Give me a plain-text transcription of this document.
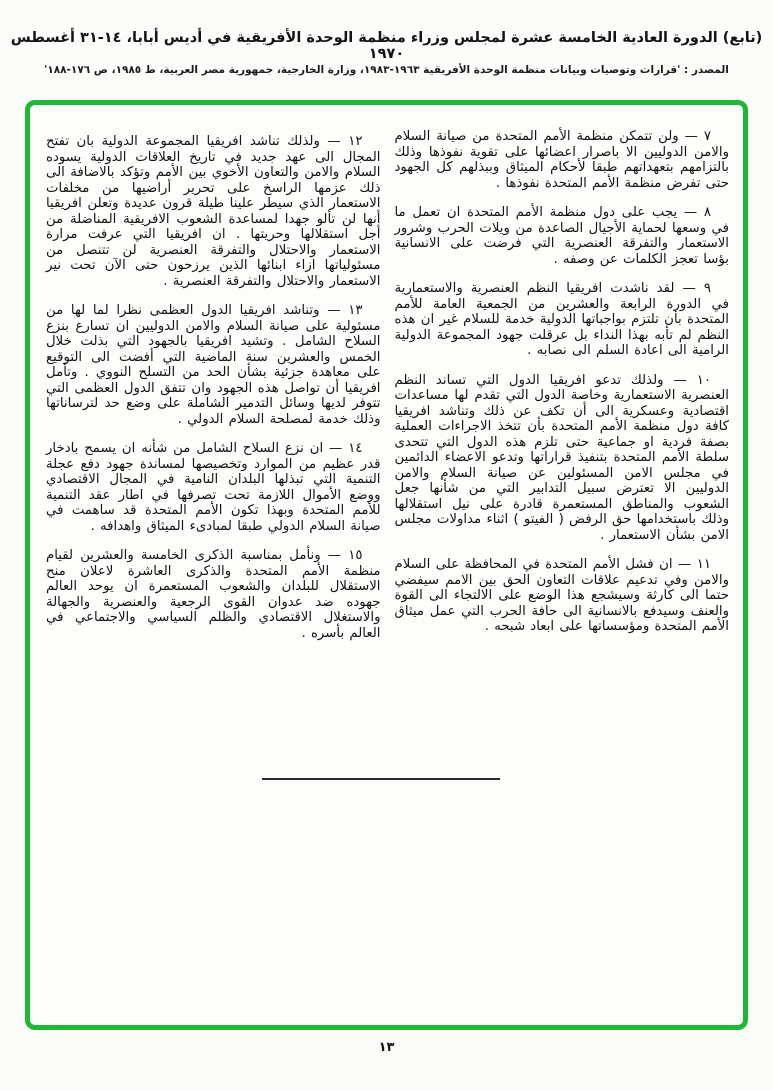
(تابع) الدورة العادية الخامسة عشرة لمجلس وزراء منظمة الوحدة الأفريقية في أديس أبابا، ١٤-٣١ أغسطس ١٩٧٠
المصدر : 'قرارات وتوصيات وبيانات منظمة الوحدة الأفريقية ١٩٦٣-١٩٨٣، وزارة الخارجية، جمهورية مصر العربية، ط ١٩٨٥، ص ١٧٦-١٨٨'

٧ — ولن تتمكن منظمة الأمم المتحدة من صيانة السلام والامن الدوليين الا باصرار اعضائها على تقوية نفوذها وذلك بالتزامهم بتعهداتهم طبقا لأحكام الميثاق وببذلهم كل الجهود حتى تفرض منظمة الأمم المتحدة نفوذها .

٨ — يجب على دول منظمة الأمم المتحدة ان تعمل ما في وسعها لحماية الأجيال الصاعدة من ويلات الحرب وشرور الاستعمار والتفرقة العنصرية التي فرضت على الانسانية بؤسا تعجز الكلمات عن وصفه .

٩ — لقد ناشدت افريقيا النظم العنصرية والاستعمارية في الدورة الرابعة والعشرين من الجمعية العامة للأمم المتحدة بأن تلتزم بواجباتها الدولية خدمة للسلام غير ان هذه النظم لم تأبه بهذا النداء بل عرقلت جهود المجموعة الدولية الرامية الى اعادة السلم الى نصابه .

١٠ — ولذلك تدعو افريقيا الدول التي تساند النظم العنصرية الاستعمارية وخاصة الدول التي تقدم لها مساعدات اقتصادية وعسكرية الى أن تكف عن ذلك وتناشد افريقيا كافة دول منظمة الأمم المتحدة بأن تتخذ الاجراءات العملية بصفة فردية او جماعية حتى تلزم هذه الدول التي تتحدى سلطة الأمم المتحدة بتنفيذ قراراتها وتدعو الاعضاء الدائمين في مجلس الامن المسئولين عن صيانة السلام والامن الدوليين الا تعترض سبيل التدابير التي من شأنها جعل الشعوب والمناطق المستعمرة قادرة على نيل استقلالها وذلك باستخدامها حق الرفض ( الفيتو ) اثناء مداولات مجلس الامن بشأن الاستعمار .

١١ — ان فشل الأمم المتحدة في المحافظة على السلام والامن وفي تدعيم علاقات التعاون الحق بين الامم سيفضي حتما الى كارثة وسيشجع هذا الوضع على الالتجاء الى القوة والعنف وسيدفع بالانسانية الى حافة الحرب التي عمل ميثاق الأمم المتحدة ومؤسساتها على ابعاد شبحه .

١٢ — ولذلك تناشد افريقيا المجموعة الدولية بان تفتح المجال الى عهد جديد في تاريخ العلاقات الدولية يسوده السلام والامن والتعاون الأخوي بين الأمم وتؤكد بالاضافة الى ذلك عزمها الراسخ على تحرير أراضيها من مخلفات الاستعمار الذي سيطر علينا طيلة قرون عديدة وتعلن افريقيا أنها لن تألو جهدا لمساعدة الشعوب الافريقية المناضلة من أجل استقلالها وحريتها . ان افريقيا التي عرفت مرارة الاستعمار والاحتلال والتفرقة العنصرية لن تتنصل من مسئولياتها ازاء ابنائها الذين يرزحون حتى الآن تحت نير الاستعمار والاحتلال والتفرقة العنصرية .

١٣ — وتناشد افريقيا الدول العظمى نظرا لما لها من مسئولية على صيانة السلام والامن الدوليين ان تسارع بنزع السلاح الشامل . وتشيد افريقيا بالجهود التي بذلت خلال الخمس والعشرين سنة الماضية التي أفضت الى التوقيع على معاهدة جزئية بشأن الحد من التسلح النووي . وتأمل افريقيا أن تواصل هذه الجهود وان تتفق الدول العظمى التي تتوفر لديها وسائل التدمير الشاملة على وضع حد لترساناتها وذلك خدمة لمصلحة السلام الدولي .

١٤ — ان نزع السلاح الشامل من شأنه ان يسمح بادخار قدر عظيم من الموارد وتخصيصها لمساندة جهود دفع عجلة التنمية التي تبذلها البلدان النامية في المجال الاقتصادي ووضع الأموال اللازمة تحت تصرفها في اطار عقد التنمية للأمم المتحدة وبهذا تكون الأمم المتحدة قد ساهمت في صيانة السلام الدولي طبقا لمبادىء الميثاق واهدافه .

١٥ — ونأمل بمناسبة الذكرى الخامسة والعشرين لقيام منظمة الأمم المتحدة والذكرى العاشرة لاعلان منح الاستقلال للبلدان والشعوب المستعمرة ان يوحد العالم جهوده ضد عدوان القوى الرجعية والعنصرية والجهالة والاستغلال الاقتصادي والظلم السياسي والاجتماعي في العالم بأسره .

١٣
